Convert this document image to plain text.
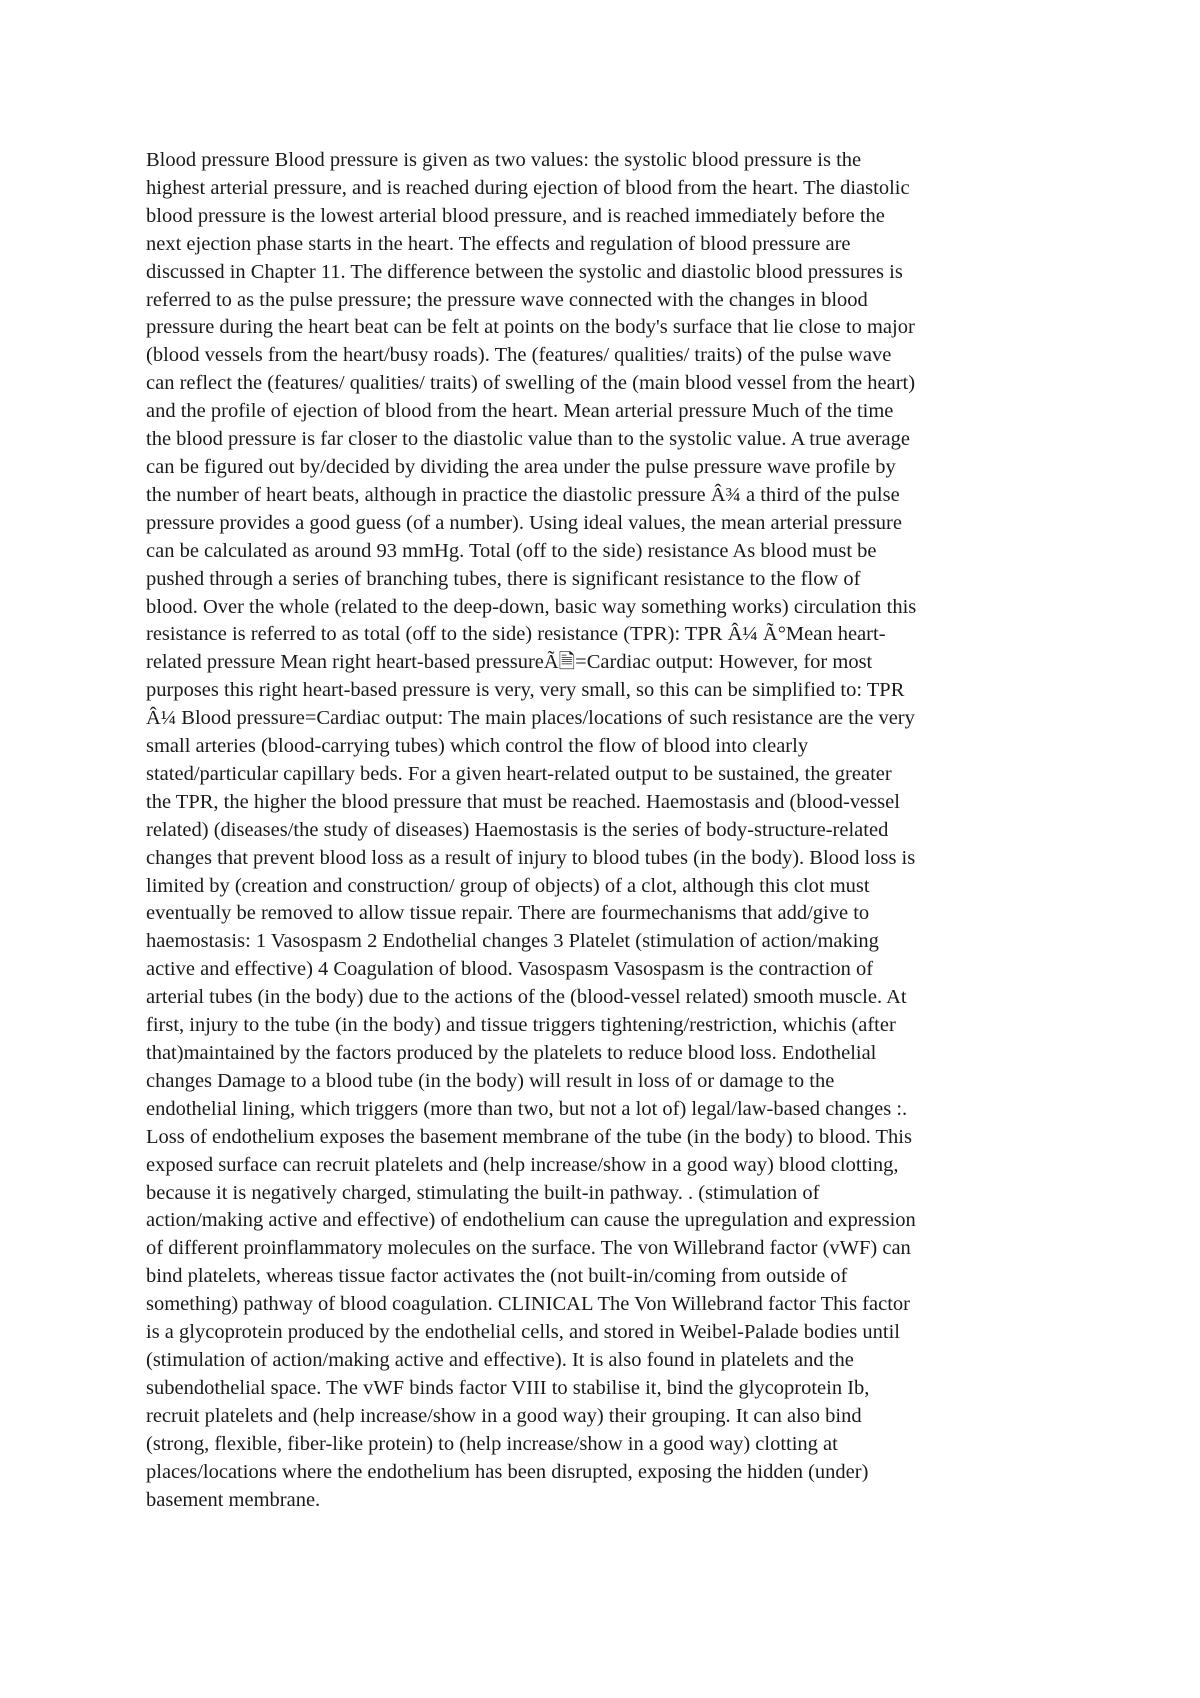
Blood pressure Blood pressure is given as two values: the systolic blood pressure is the
highest arterial pressure, and is reached during ejection of blood from the heart. The diastolic
blood pressure is the lowest arterial blood pressure, and is reached immediately before the
next ejection phase starts in the heart. The effects and regulation of blood pressure are
discussed in Chapter 11. The difference between the systolic and diastolic blood pressures is
referred to as the pulse pressure; the pressure wave connected with the changes in blood
pressure during the heart beat can be felt at points on the body's surface that lie close to major
(blood vessels from the heart/busy roads). The (features/ qualities/ traits) of the pulse wave
can reflect the (features/ qualities/ traits) of swelling of the (main blood vessel from the heart)
and the profile of ejection of blood from the heart. Mean arterial pressure Much of the time
the blood pressure is far closer to the diastolic value than to the systolic value. A true average
can be figured out by/decided by dividing the area under the pulse pressure wave profile by
the number of heart beats, although in practice the diastolic pressure Â¾ a third of the pulse
pressure provides a good guess (of a number). Using ideal values, the mean arterial pressure
can be calculated as around 93 mmHg. Total (off to the side) resistance As blood must be
pushed through a series of branching tubes, there is significant resistance to the flow of
blood. Over the whole (related to the deep-down, basic way something works) circulation this
resistance is referred to as total (off to the side) resistance (TPR): TPR Â¼ Ã°Mean heart-
related pressure Mean right heart-based pressureÃ🗎=Cardiac output: However, for most
purposes this right heart-based pressure is very, very small, so this can be simplified to: TPR
Â¼ Blood pressure=Cardiac output: The main places/locations of such resistance are the very
small arteries (blood-carrying tubes) which control the flow of blood into clearly
stated/particular capillary beds. For a given heart-related output to be sustained, the greater
the TPR, the higher the blood pressure that must be reached. Haemostasis and (blood-vessel
related) (diseases/the study of diseases) Haemostasis is the series of body-structure-related
changes that prevent blood loss as a result of injury to blood tubes (in the body). Blood loss is
limited by (creation and construction/ group of objects) of a clot, although this clot must
eventually be removed to allow tissue repair. There are fourmechanisms that add/give to
haemostasis: 1 Vasospasm 2 Endothelial changes 3 Platelet (stimulation of action/making
active and effective) 4 Coagulation of blood. Vasospasm Vasospasm is the contraction of
arterial tubes (in the body) due to the actions of the (blood-vessel related) smooth muscle. At
first, injury to the tube (in the body) and tissue triggers tightening/restriction, whichis (after
that)maintained by the factors produced by the platelets to reduce blood loss. Endothelial
changes Damage to a blood tube (in the body) will result in loss of or damage to the
endothelial lining, which triggers (more than two, but not a lot of) legal/law-based changes :.
Loss of endothelium exposes the basement membrane of the tube (in the body) to blood. This
exposed surface can recruit platelets and (help increase/show in a good way) blood clotting,
because it is negatively charged, stimulating the built-in pathway. . (stimulation of
action/making active and effective) of endothelium can cause the upregulation and expression
of different proinflammatory molecules on the surface. The von Willebrand factor (vWF) can
bind platelets, whereas tissue factor activates the (not built-in/coming from outside of
something) pathway of blood coagulation. CLINICAL The Von Willebrand factor This factor
is a glycoprotein produced by the endothelial cells, and stored in Weibel-Palade bodies until
(stimulation of action/making active and effective). It is also found in platelets and the
subendothelial space. The vWF binds factor VIII to stabilise it, bind the glycoprotein Ib,
recruit platelets and (help increase/show in a good way) their grouping. It can also bind
(strong, flexible, fiber-like protein) to (help increase/show in a good way) clotting at
places/locations where the endothelium has been disrupted, exposing the hidden (under)
basement membrane.
